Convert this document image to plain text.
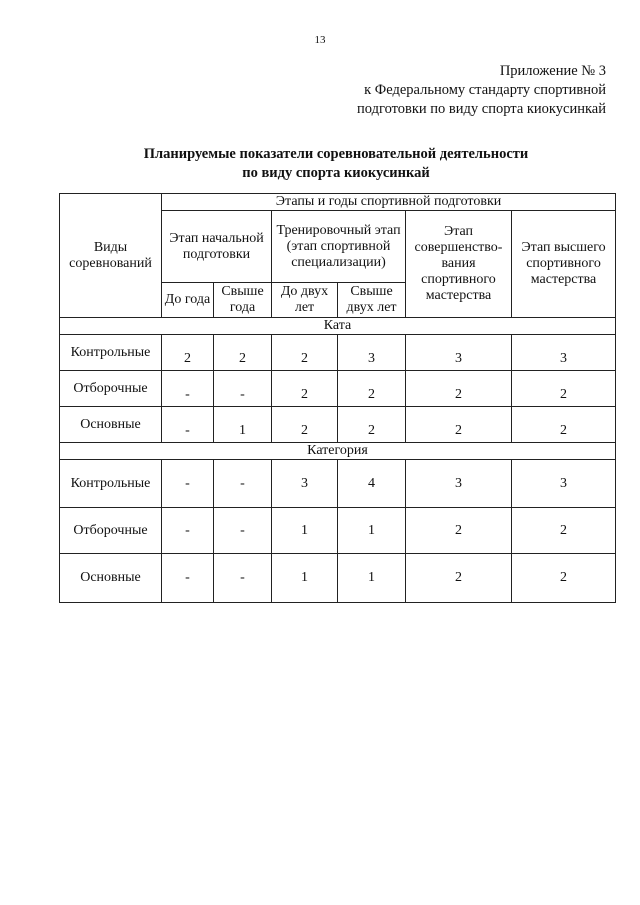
13
Приложение № 3
к Федеральному стандарту спортивной
подготовки по виду спорта киокусинкай
Планируемые показатели соревновательной деятельности
по виду спорта киокусинкай
Виды соревнований	Этапы и годы спортивной подготовки					
	Этап начальной подготовки		Тренировочный этап (этап спортивной специализации)		Этап совершенство-вания спортивного мастерства	Этап высшего спортивного мастерства
	До года	Свыше года	До двух лет	Свыше двух лет		
Ката						
Контрольные	2	2	2	3	3	3
Отборочные	-	-	2	2	2	2
Основные	-	1	2	2	2	2
Категория						
Контрольные	-	-	3	4	3	3
Отборочные	-	-	1	1	2	2
Основные	-	-	1	1	2	2
